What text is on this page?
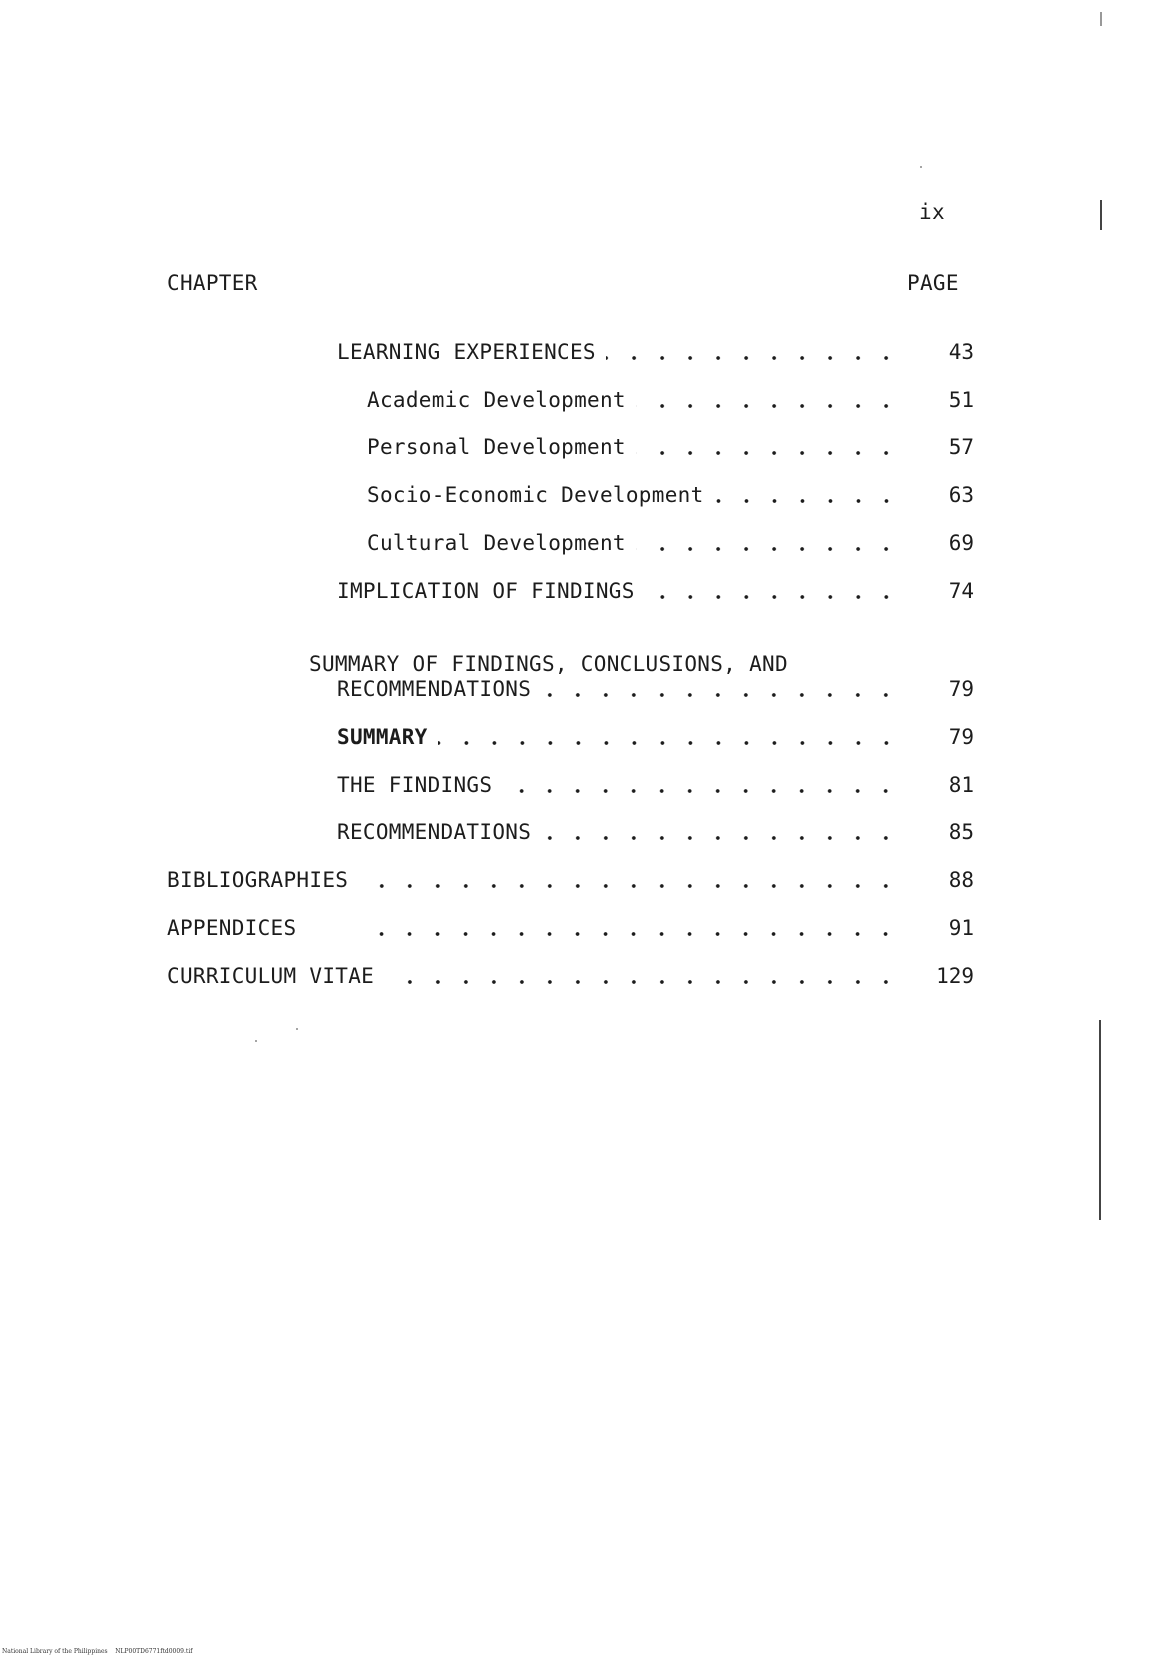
ix
CHAPTER	PAGE
LEARNING EXPERIENCES	43
Academic Development	51
Personal Development	57
Socio-Economic Development	63
Cultural Development	69
IMPLICATION OF FINDINGS	74
SUMMARY OF FINDINGS, CONCLUSIONS, AND
RECOMMENDATIONS	79
SUMMARY	79
THE FINDINGS	81
RECOMMENDATIONS	85
BIBLIOGRAPHIES	88
APPENDICES	91
CURRICULUM VITAE	129
National Library of the Philippines NLP00TD6771ftd0009.tif
